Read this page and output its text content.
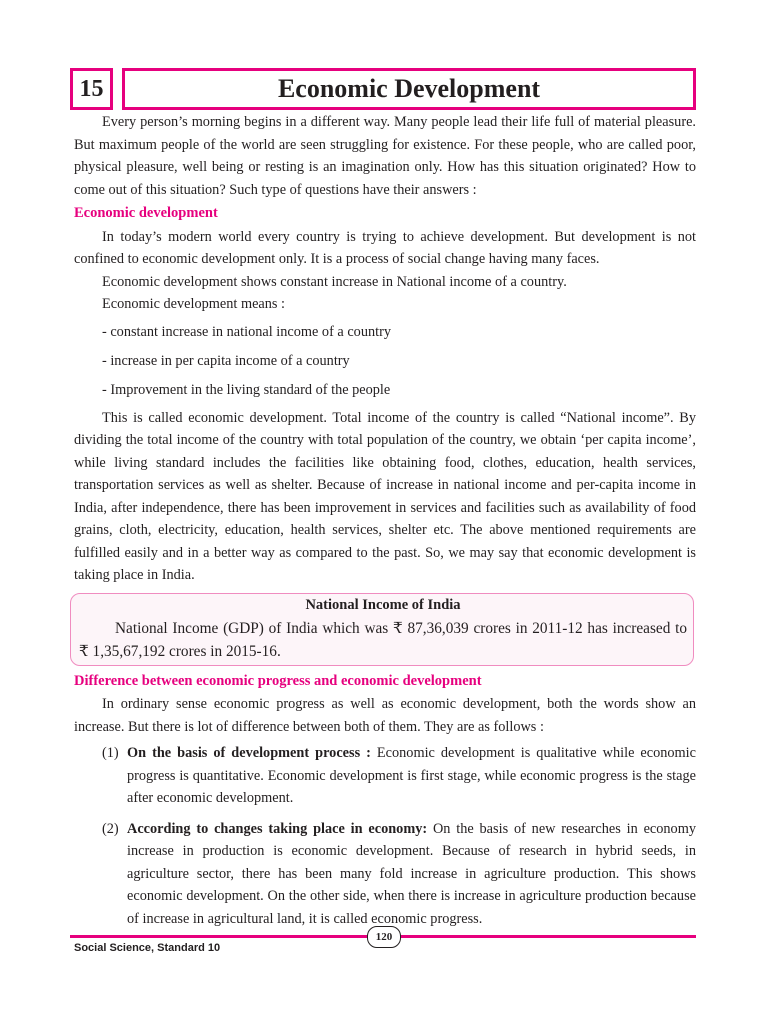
15	Economic Development

Every person’s morning begins in a different way. Many people lead their life full of material pleasure. But maximum people of the world are seen struggling for existence. For these people, who are called poor, physical pleasure, well being or resting is an imagination only. How has this situation originated? How to come out of this situation? Such type of questions have their answers :

Economic development

In today’s modern world every country is trying to achieve development. But development is not confined to economic development only. It is a process of social change having many faces.

Economic development shows constant increase in National income of a country.

Economic development means :

- constant increase in national income of a country
- increase in per capita income of a country
- Improvement in the living standard of the people

This is called economic development. Total income of the country is called “National income”. By dividing the total income of the country with total population of the country, we obtain ‘per capita income’, while living standard includes the facilities like obtaining food, clothes, education, health services, transportation services as well as shelter. Because of increase in national income and per-capita income in India, after independence, there has been improvement in services and facilities such as availability of food grains, cloth, electricity, education, health services, shelter etc. The above mentioned requirements are fulfilled easily and in a better way as compared to the past. So, we may say that economic development is taking place in India.

National Income of India

National Income (GDP) of India which was ₹ 87,36,039 crores in 2011-12 has increased to ₹ 1,35,67,192 crores in 2015-16.

Difference between economic progress and economic development

In ordinary sense economic progress as well as economic development, both the words show an increase. But there is lot of difference between both of them. They are as follows :

(1) On the basis of development process : Economic development is qualitative while economic progress is quantitative. Economic development is first stage, while economic progress is the stage after economic development.
(2) According to changes taking place in economy: On the basis of new researches in economy increase in production is economic development. Because of research in hybrid seeds, in agriculture sector, there has been many fold increase in agriculture production. This shows economic development. On the other side, when there is increase in agriculture production because of increase in agricultural land, it is called economic progress.
120
Social Science, Standard 10
